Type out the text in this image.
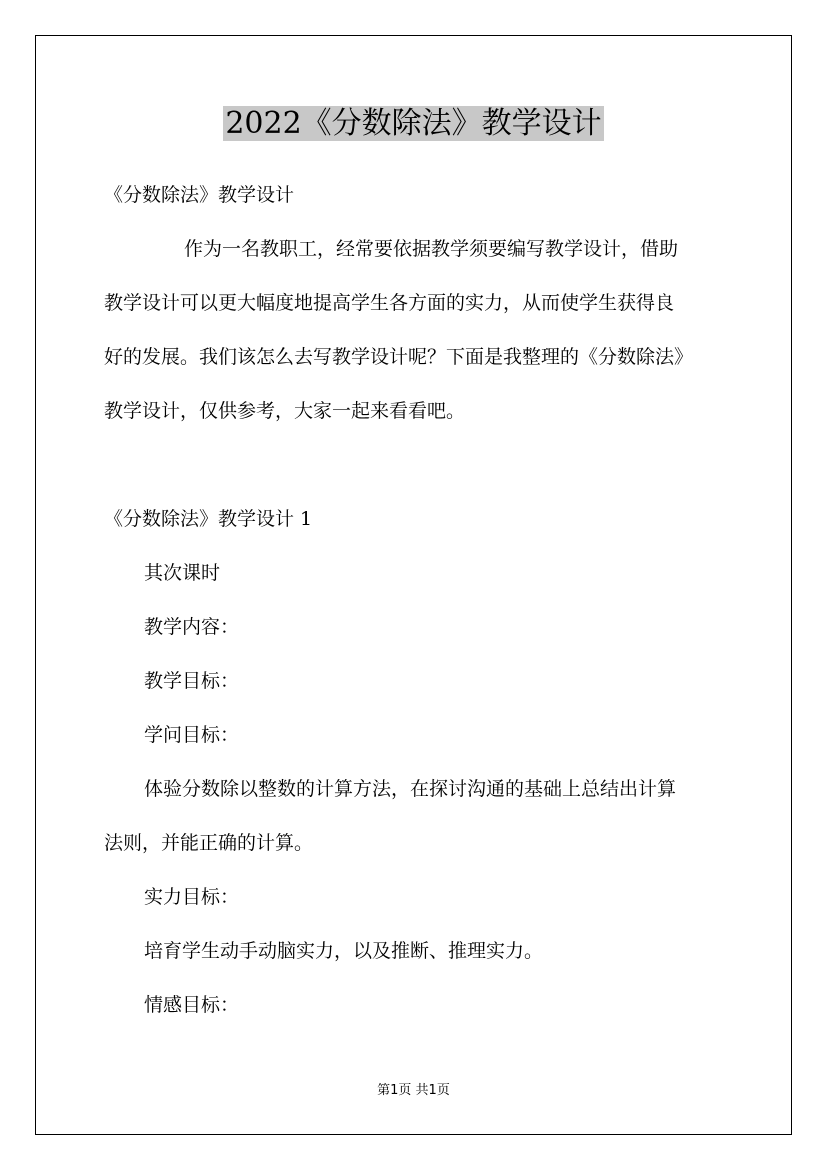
2022《分数除法》教学设计
《分数除法》教学设计
作为一名教职工，经常要依据教学须要编写教学设计，借助
教学设计可以更大幅度地提高学生各方面的实力，从而使学生获得良
好的发展。我们该怎么去写教学设计呢？下面是我整理的《分数除法》
教学设计，仅供参考，大家一起来看看吧。
《分数除法》教学设计 1
其次课时
教学内容：
教学目标：
学问目标：
体验分数除以整数的计算方法，在探讨沟通的基础上总结出计算
法则，并能正确的计算。
实力目标：
培育学生动手动脑实力，以及推断、推理实力。
情感目标：
第1页 共1页
